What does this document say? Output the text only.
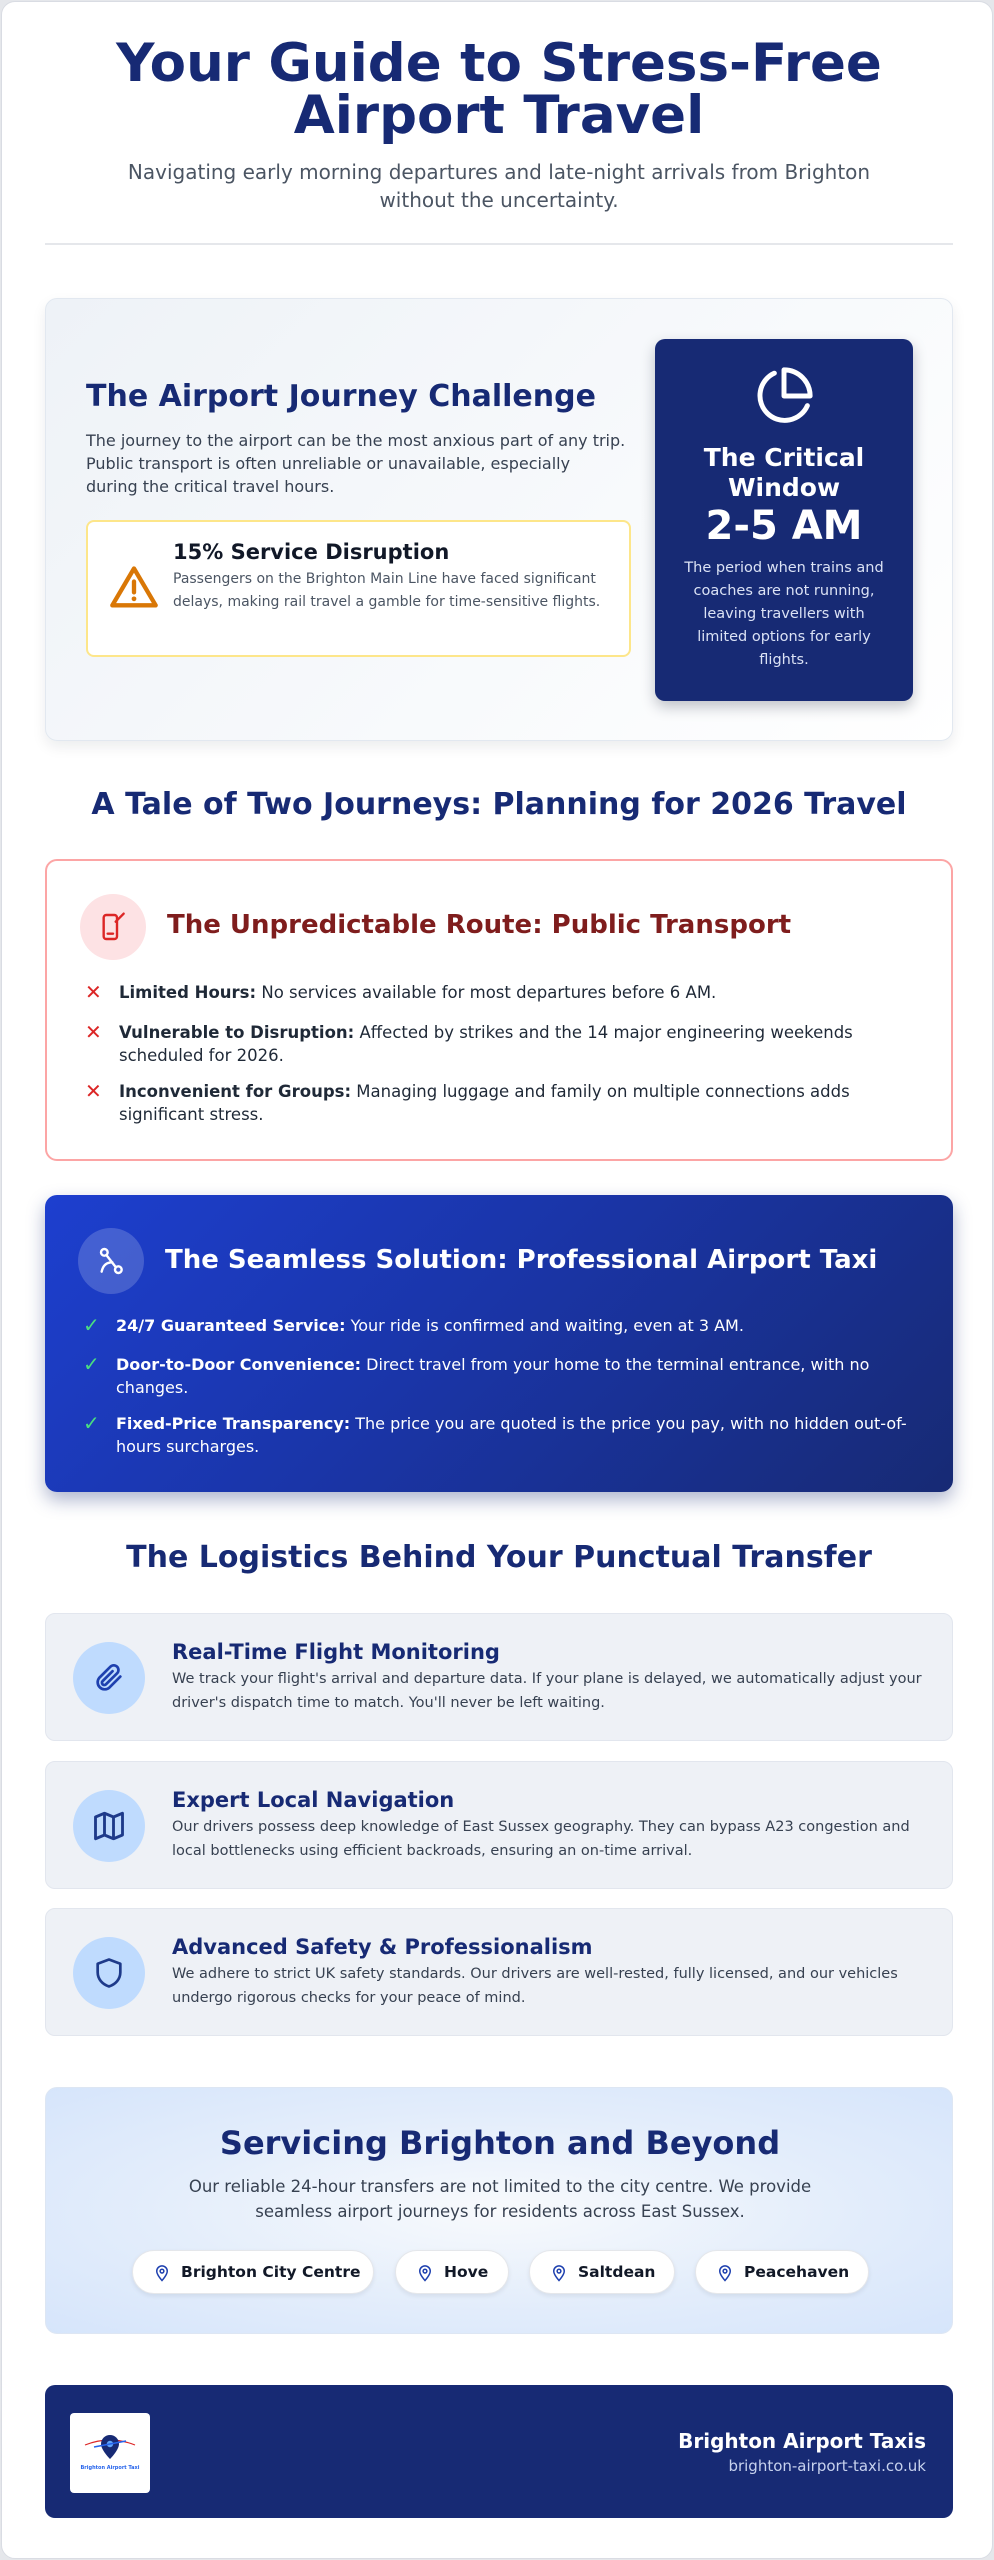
Your Guide to Stress-Free Airport Travel

Navigating early morning departures and late-night arrivals from Brighton without the uncertainty.

The Airport Journey Challenge

The journey to the airport can be the most anxious part of any trip. Public transport is often unreliable or unavailable, especially during the critical travel hours.

15% Service Disruption
Passengers on the Brighton Main Line have faced significant delays, making rail travel a gamble for time-sensitive flights.
The Critical Window
2-5 AM
The period when trains and coaches are not running, leaving travellers with limited options for early flights.
A Tale of Two Journeys: Planning for 2026 Travel
The Unpredictable Route: Public Transport
✕	Limited Hours: No services available for most departures before 6 AM.
✕	Vulnerable to Disruption: Affected by strikes and the 14 major engineering weekends scheduled for 2026.
✕	Inconvenient for Groups: Managing luggage and family on multiple connections adds significant stress.
The Seamless Solution: Professional Airport Taxi
✓	24/7 Guaranteed Service: Your ride is confirmed and waiting, even at 3 AM.
✓	Door-to-Door Convenience: Direct travel from your home to the terminal entrance, with no changes.
✓	Fixed-Price Transparency: The price you are quoted is the price you pay, with no hidden out-of-hours surcharges.
The Logistics Behind Your Punctual Transfer
Real-Time Flight Monitoring
We track your flight's arrival and departure data. If your plane is delayed, we automatically adjust your driver's dispatch time to match. You'll never be left waiting.
Expert Local Navigation
Our drivers possess deep knowledge of East Sussex geography. They can bypass A23 congestion and local bottlenecks using efficient backroads, ensuring an on-time arrival.
Advanced Safety & Professionalism
We adhere to strict UK safety standards. Our drivers are well-rested, fully licensed, and our vehicles undergo rigorous checks for your peace of mind.
Servicing Brighton and Beyond

Our reliable 24-hour transfers are not limited to the city centre. We provide seamless airport journeys for residents across East Sussex.

Brighton City Centre	Hove	Saltdean	Peacehaven
Brighton Airport Taxi
Brighton Airport Taxis
brighton-airport-taxi.co.uk
